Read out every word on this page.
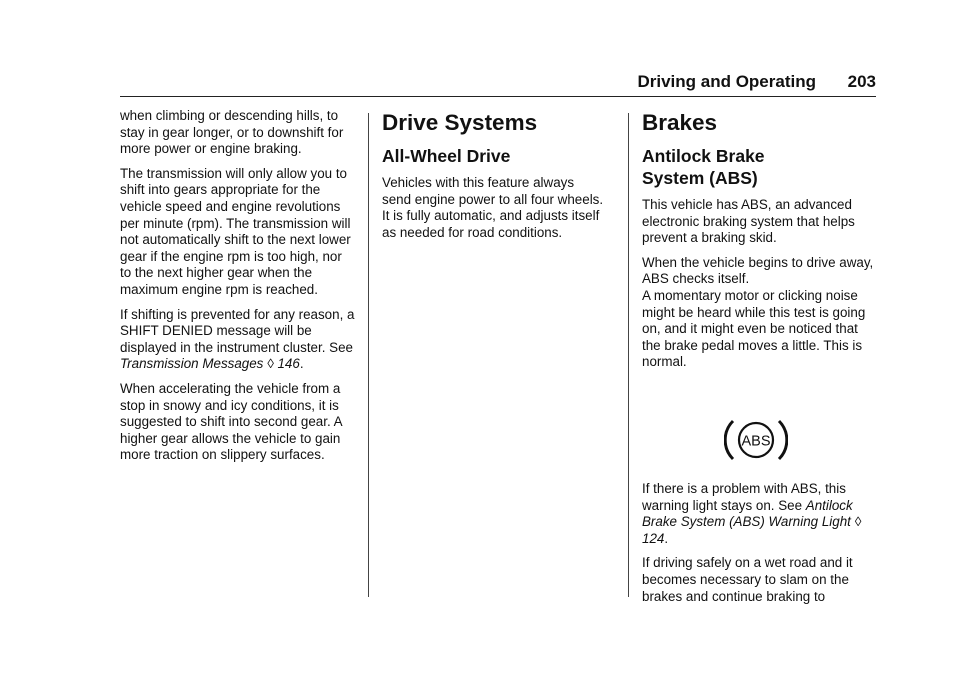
Driving and Operating 203

when climbing or descending hills, to stay in gear longer, or to downshift for more power or engine braking.

The transmission will only allow you to shift into gears appropriate for the vehicle speed and engine revolutions per minute (rpm). The transmission will not automatically shift to the next lower gear if the engine rpm is too high, nor to the next higher gear when the maximum engine rpm is reached.

If shifting is prevented for any reason, a SHIFT DENIED message will be displayed in the instrument cluster. See Transmission Messages ◊ 146.

When accelerating the vehicle from a stop in snowy and icy conditions, it is suggested to shift into second gear. A higher gear allows the vehicle to gain more traction on slippery surfaces.

Drive Systems
All-Wheel Drive

Vehicles with this feature always send engine power to all four wheels. It is fully automatic, and adjusts itself as needed for road conditions.

Brakes
Antilock Brake
System (ABS)

This vehicle has ABS, an advanced electronic braking system that helps prevent a braking skid.

When the vehicle begins to drive away, ABS checks itself.
A momentary motor or clicking noise might be heard while this test is going on, and it might even be noticed that the brake pedal moves a little. This is normal.

ABS

If there is a problem with ABS, this warning light stays on. See Antilock Brake System (ABS) Warning Light ◊ 124.

If driving safely on a wet road and it becomes necessary to slam on the brakes and continue braking to
